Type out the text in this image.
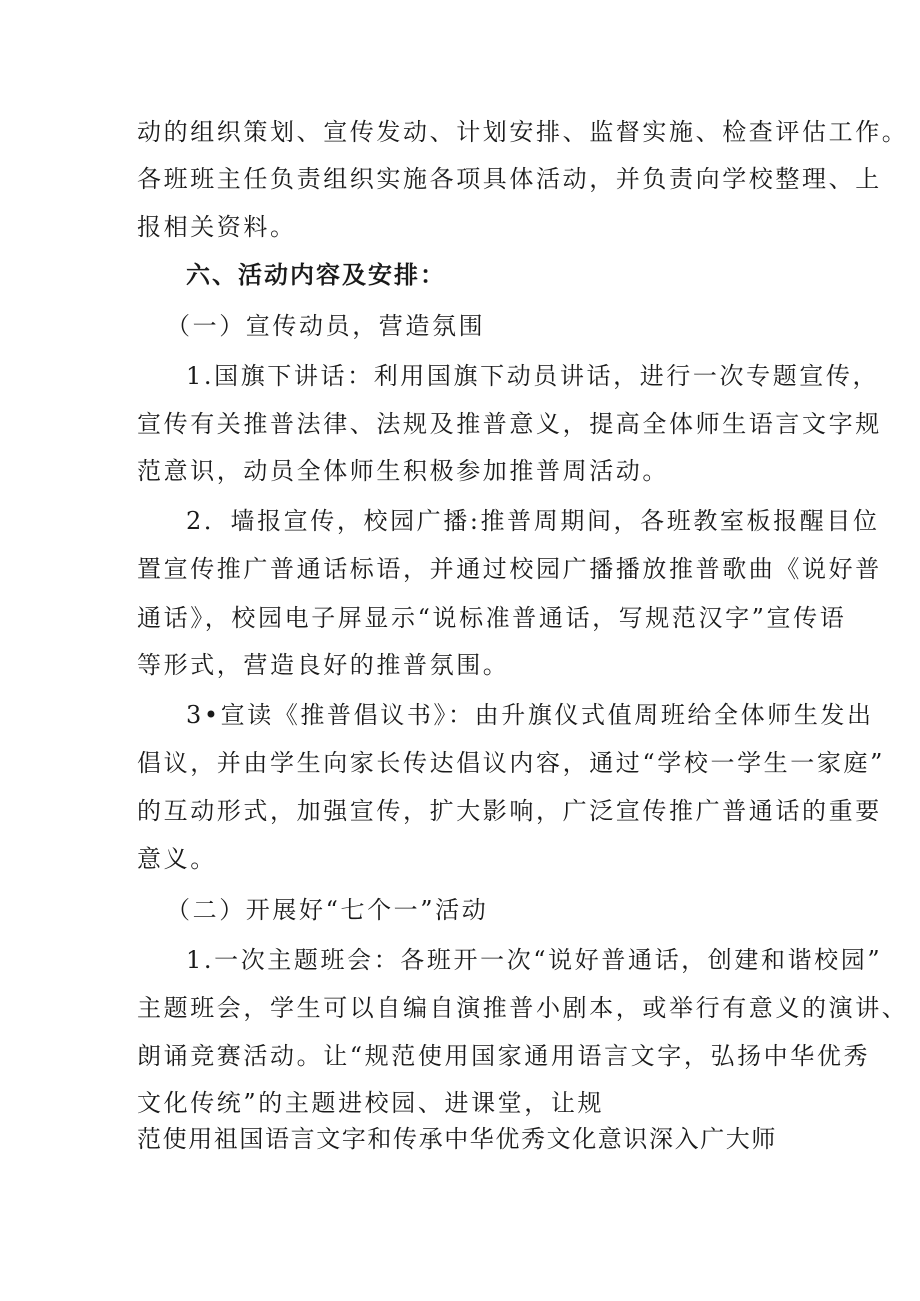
动的组织策划、宣传发动、计划安排、监督实施、检查评估工作。
各班班主任负责组织实施各项具体活动，并负责向学校整理、上
报相关资料。
六、活动内容及安排：
（一）宣传动员，营造氛围
1.国旗下讲话：利用国旗下动员讲话，进行一次专题宣传，
宣传有关推普法律、法规及推普意义，提高全体师生语言文字规
范意识，动员全体师生积极参加推普周活动。
2．墙报宣传，校园广播:推普周期间，各班教室板报醒目位
置宣传推广普通话标语，并通过校园广播播放推普歌曲《说好普
通话》，校园电子屏显示“说标准普通话，写规范汉字”宣传语
等形式，营造良好的推普氛围。
3•宣读《推普倡议书》：由升旗仪式值周班给全体师生发出
倡议，并由学生向家长传达倡议内容，通过“学校一学生一家庭”
的互动形式，加强宣传，扩大影响，广泛宣传推广普通话的重要
意义。
（二）开展好“七个一”活动
1.一次主题班会：各班开一次“说好普通话，创建和谐校园”
主题班会，学生可以自编自演推普小剧本，或举行有意义的演讲、
朗诵竞赛活动。让“规范使用国家通用语言文字，弘扬中华优秀
文化传统”的主题进校园、进课堂，让规
范使用祖国语言文字和传承中华优秀文化意识深入广大师
